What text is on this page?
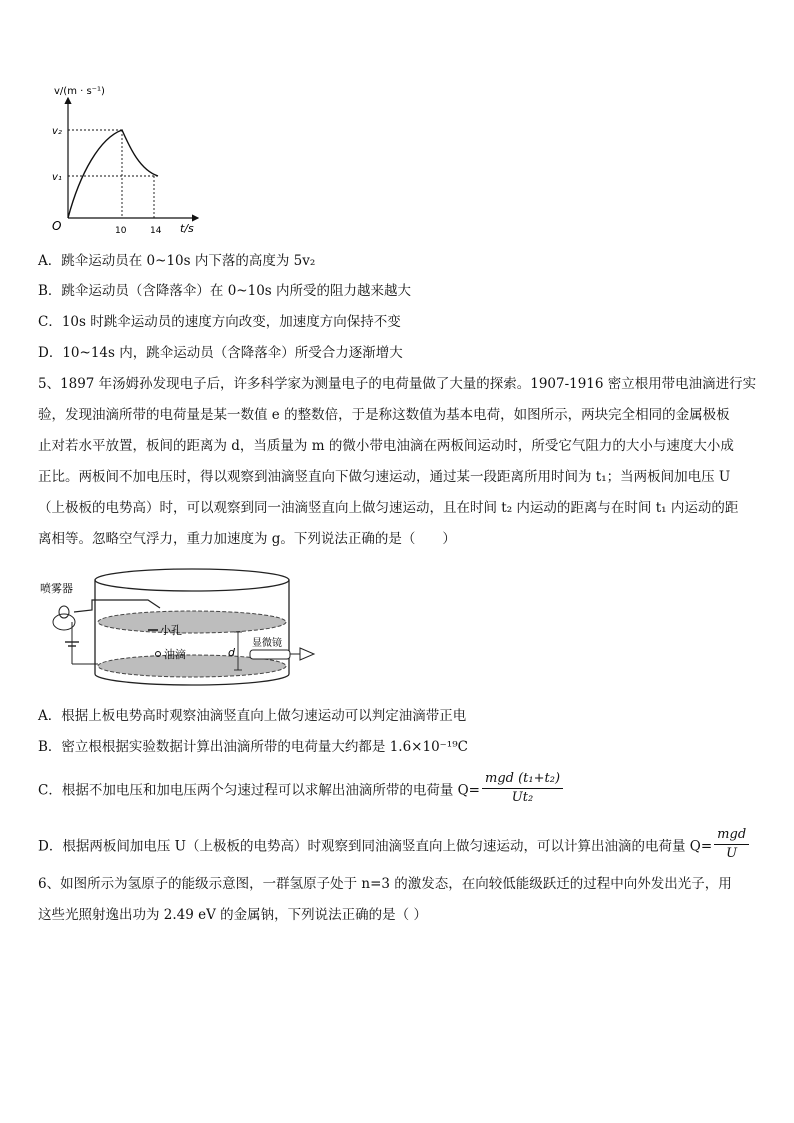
v/(m · s⁻¹)
t/s
O
v₂
v₁
10	14
A．跳伞运动员在 0~10s 内下落的高度为 5v₂
B．跳伞运动员（含降落伞）在 0~10s 内所受的阻力越来越大
C．10s 时跳伞运动员的速度方向改变，加速度方向保持不变
D．10~14s 内，跳伞运动员（含降落伞）所受合力逐渐增大
5、1897 年汤姆孙发现电子后，许多科学家为测量电子的电荷量做了大量的探索。1907-1916 密立根用带电油滴进行实
验，发现油滴所带的电荷量是某一数值 e 的整数倍，于是称这数值为基本电荷，如图所示，两块完全相同的金属极板
止对若水平放置，板间的距离为 d，当质量为 m 的微小带电油滴在两板间运动时，所受它气阻力的大小与速度大小成
正比。两板间不加电压时，得以观察到油滴竖直向下做匀速运动，通过某一段距离所用时间为 t₁；当两板间加电压 U
（上极板的电势高）时，可以观察到同一油滴竖直向上做匀速运动，且在时间 t₂ 内运动的距离与在时间 t₁ 内运动的距
离相等。忽略空气浮力，重力加速度为 g。下列说法正确的是（　　）
小孔
油滴
喷雾器
d
显微镜
A．根据上板电势高时观察油滴竖直向上做匀速运动可以判定油滴带正电
B．密立根根据实验数据计算出油滴所带的电荷量大约都是 1.6×10⁻¹⁹C
C．根据不加电压和加电压两个匀速过程可以求解出油滴所带的电荷量 $Q= \frac{\text{mgd (t₁+t₂)}}{\text{Ut₂}}$
D．根据两板间加电压 U（上极板的电势高）时观察到同油滴竖直向上做匀速运动，可以计算出油滴的电荷量 $Q= \frac{\text{mgd}}{U}$
6、如图所示为氢原子的能级示意图，一群氢原子处于 n=3 的激发态，在向较低能级跃迁的过程中向外发出光子，用
这些光照射逸出功为 2.49 eV 的金属钠，下列说法正确的是（ ）
